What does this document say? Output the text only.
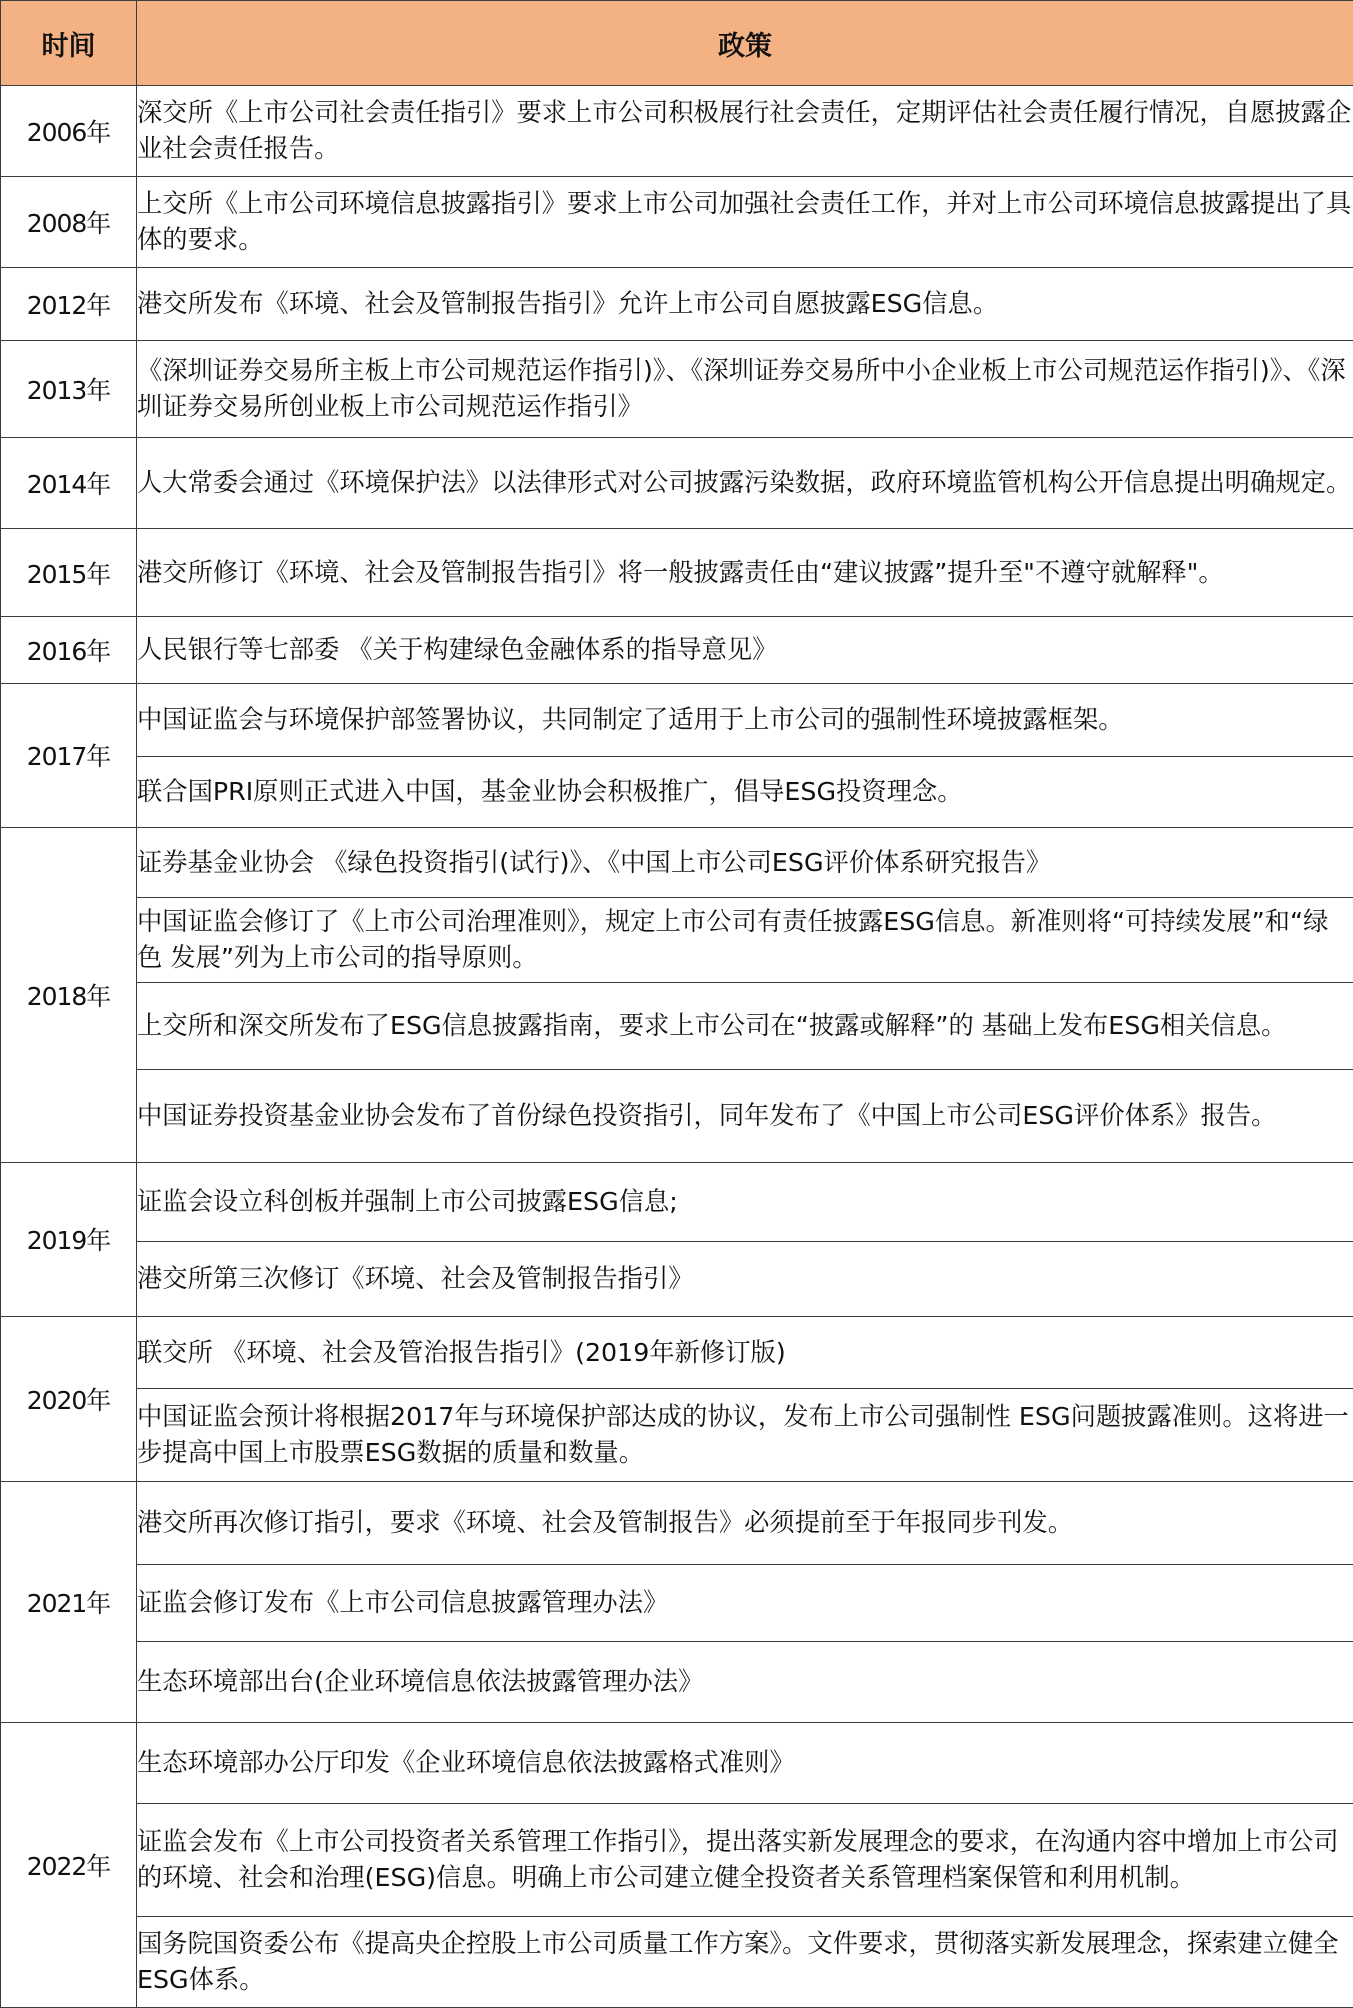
时间	政策
2006年	深交所《上市公司社会责任指引》要求上市公司积极展行社会责任，定期评估社会责任履行情况，自愿披露企业社会责任报告。
2008年	上交所《上市公司环境信息披露指引》要求上市公司加强社会责任工作，并对上市公司环境信息披露提出了具体的要求。
2012年	港交所发布《环境、社会及管制报告指引》允许上市公司自愿披露ESG信息。
2013年	《深圳证券交易所主板上市公司规范运作指引)》、《深圳证券交易所中小企业板上市公司规范运作指引)》、《深圳证券交易所创业板上市公司规范运作指引》
2014年	人大常委会通过《环境保护法》以法律形式对公司披露污染数据，政府环境监管机构公开信息提出明确规定。
2015年	港交所修订《环境、社会及管制报告指引》将一般披露责任由“建议披露”提升至"不遵守就解释"。
2016年	人民银行等七部委 《关于构建绿色金融体系的指导意见》
2017年	中国证监会与环境保护部签署协议，共同制定了适用于上市公司的强制性环境披露框架。
	联合国PRI原则正式进入中国，基金业协会积极推广，倡导ESG投资理念。
2018年	证券基金业协会 《绿色投资指引(试行)》、《中国上市公司ESG评价体系研究报告》
	中国证监会修订了《上市公司治理准则》，规定上市公司有责任披露ESG信息。新准则将“可持续发展”和“绿色 发展”列为上市公司的指导原则。
	上交所和深交所发布了ESG信息披露指南，要求上市公司在“披露或解释”的 基础上发布ESG相关信息。
	中国证券投资基金业协会发布了首份绿色投资指引，同年发布了《中国上市公司ESG评价体系》报告。
2019年	证监会设立科创板并强制上市公司披露ESG信息;
	港交所第三次修订《环境、社会及管制报告指引》
2020年	联交所 《环境、社会及管治报告指引》(2019年新修订版)
	中国证监会预计将根据2017年与环境保护部达成的协议，发布上市公司强制性 ESG问题披露准则。这将进一步提高中国上市股票ESG数据的质量和数量。
2021年	港交所再次修订指引，要求《环境、社会及管制报告》必须提前至于年报同步刊发。
	证监会修订发布《上市公司信息披露管理办法》
	生态环境部出台(企业环境信息依法披露管理办法》
2022年	生态环境部办公厅印发《企业环境信息依法披露格式准则》
	证监会发布《上市公司投资者关系管理工作指引》，提出落实新发展理念的要求，在沟通内容中增加上市公司的环境、社会和治理(ESG)信息。明确上市公司建立健全投资者关系管理档案保管和利用机制。
	国务院国资委公布《提高央企控股上市公司质量工作方案》。文件要求，贯彻落实新发展理念，探索建立健全ESG体系。
